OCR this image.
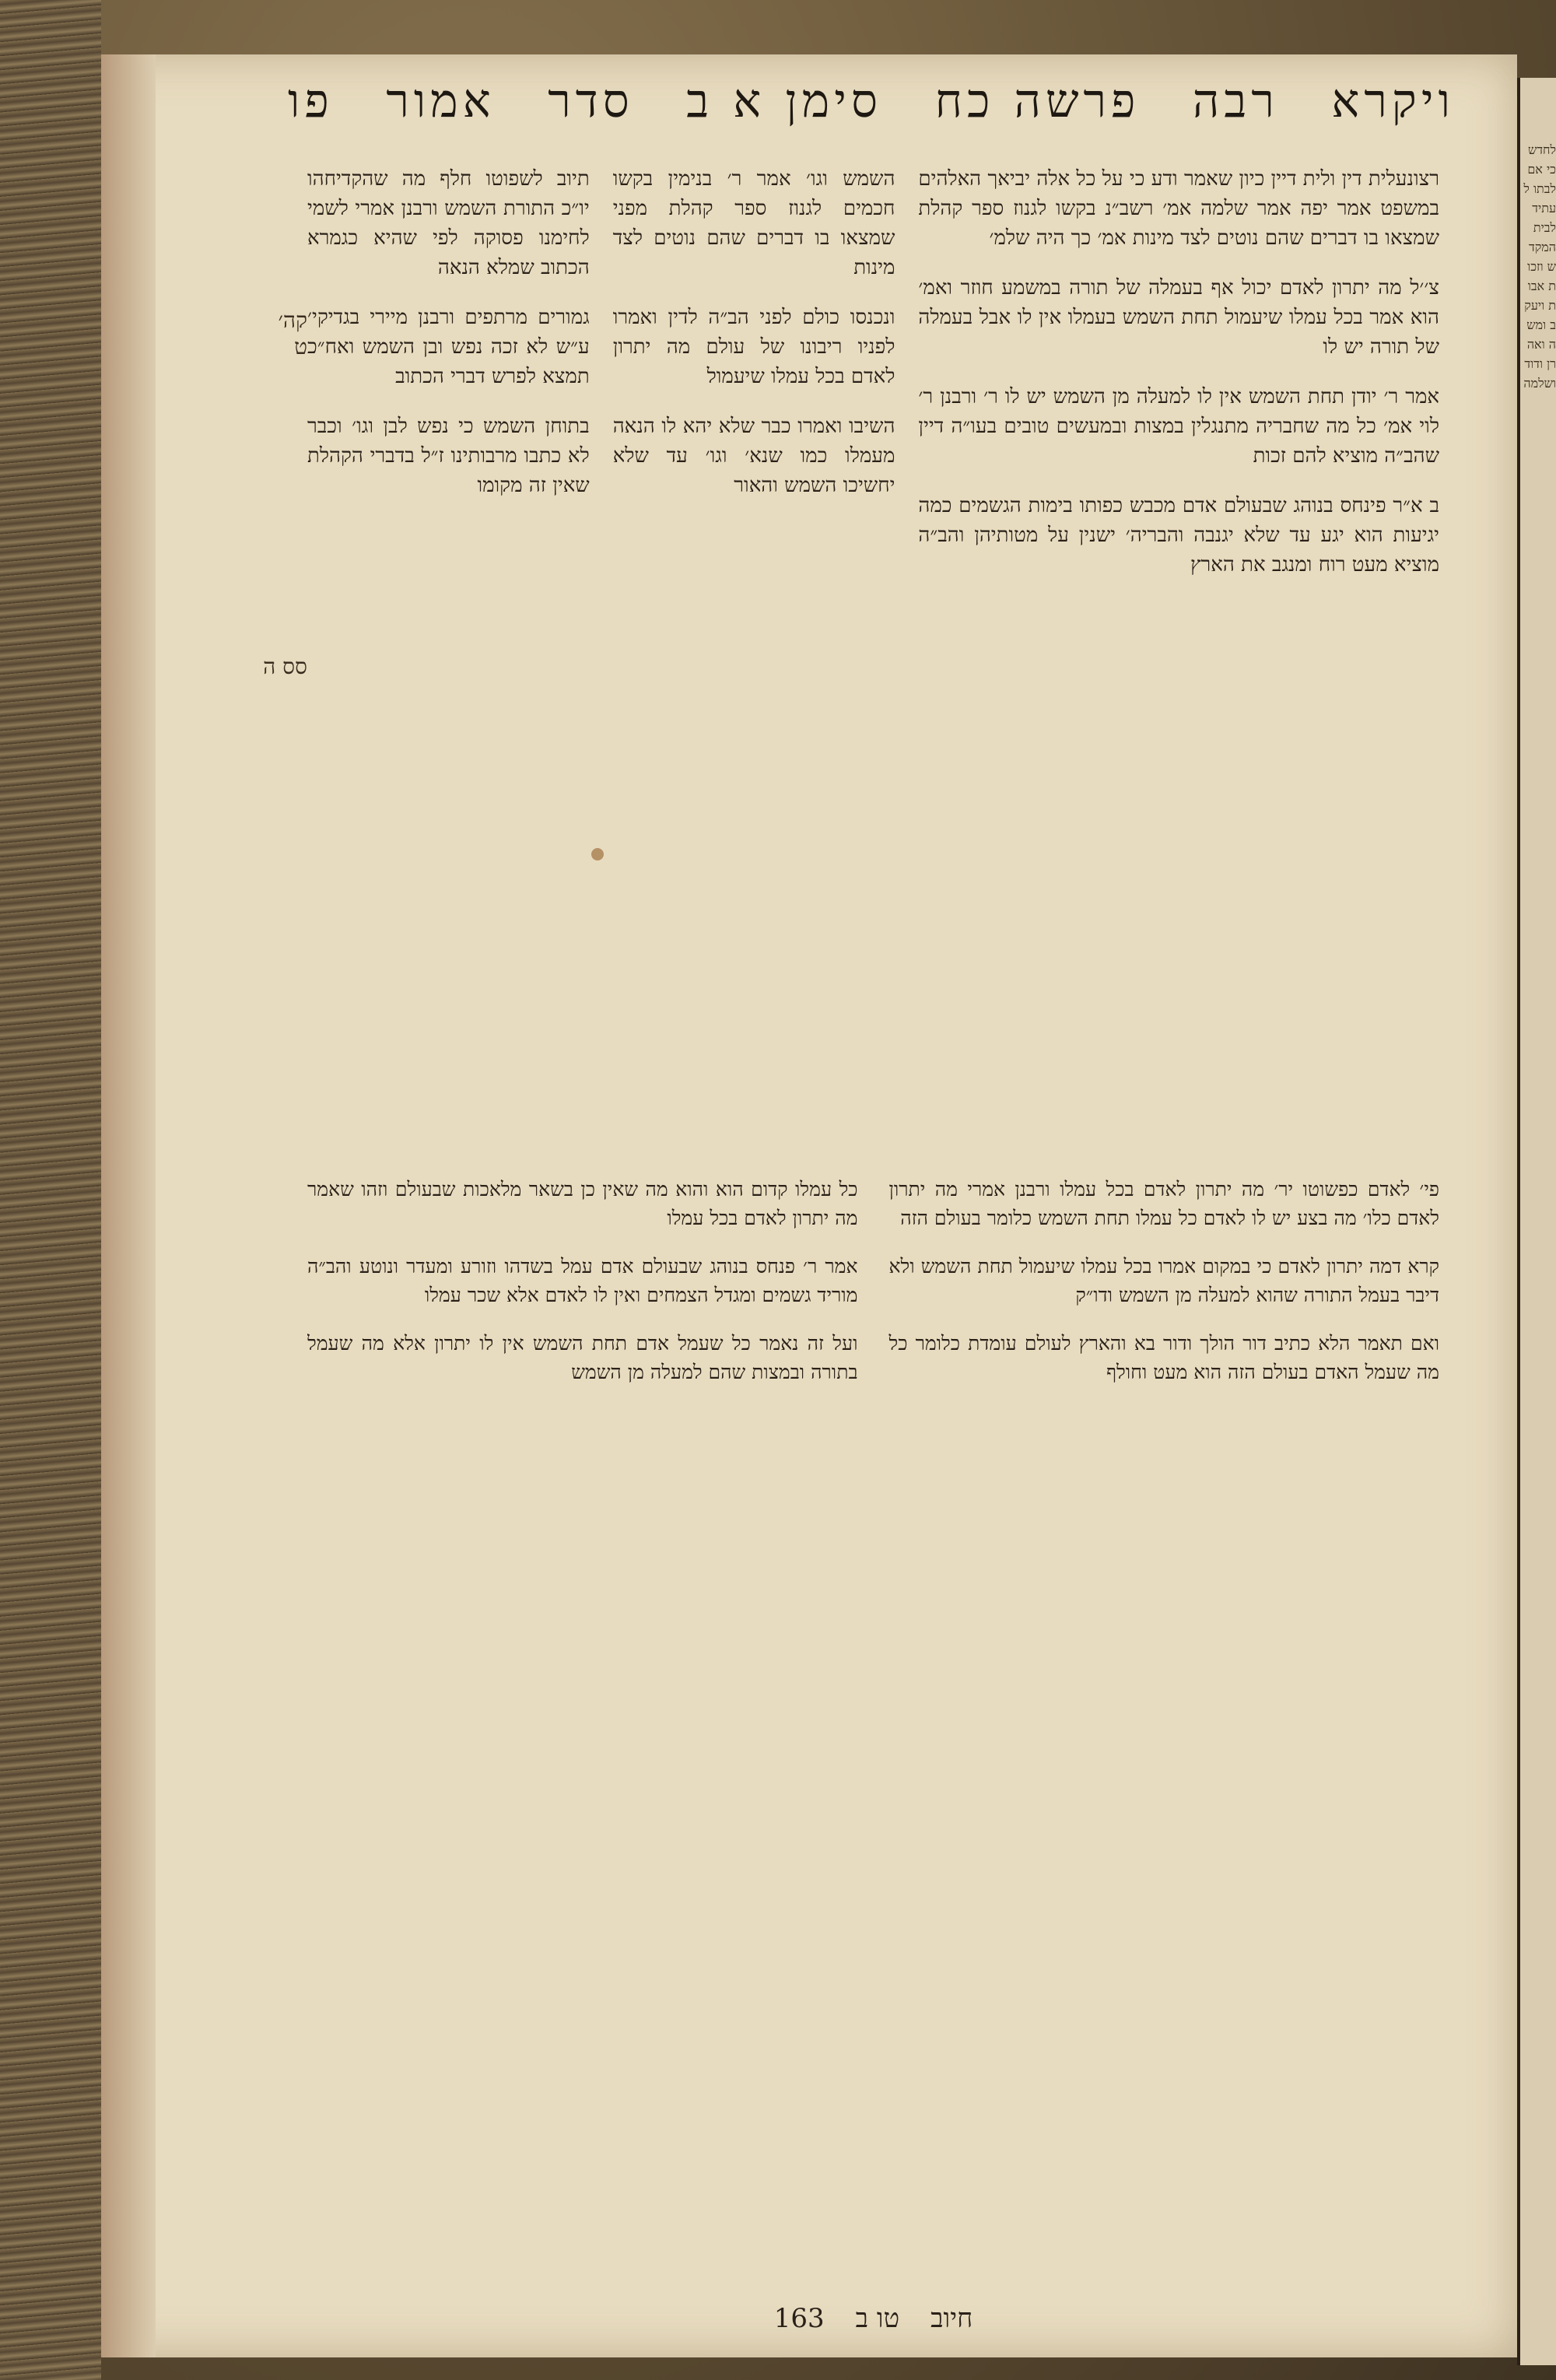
לחדש כי אם לבתו לעתיד לבית המקדש וזכות אבות ויעקב ומשה ואהרן ודוד ושלמה
ויקרא
רבה
פרשה כח
סימן א ב
סדר
אמור
פו

רצונעלית דין ולית דיין כיון שאמר ודע כי על כל אלה יביאך האלהים במשפט אמר יפה אמר שלמה אמ׳ רשב״נ בקשו לגנוז ספר קהלת שמצאו בו דברים שהם נוטים לצד מינות אמ׳ כך היה שלמ׳

צ׳׳ל מה יתרון לאדם יכול אף בעמלה של תורה במשמע חוזר ואמ׳ הוא אמר בכל עמלו שיעמול תחת השמש בעמלו אין לו אבל בעמלה של תורה יש לו

אמר ר׳ יודן תחת השמש אין לו למעלה מן השמש יש לו ר׳ ורבנן ר׳ לוי אמ׳ כל מה שחבריה מתנגלין במצות ובמעשים טובים בעו״ה דיין שהב״ה מוציא להם זכות

ב א״ר פינחס בנוהג שבעולם אדם מכבש כפותו בימות הגשמים כמה יגיעות הוא יגע עד שלא יגנבה והבריה׳ ישנין על מטותיהן והב״ה מוציא מעט רוח ומנגב את הארץ

השמש וגו׳ אמר ר׳ בנימין בקשו חכמים לגנוז ספר קהלת מפני שמצאו בו דברים שהם נוטים לצד מינות

ונכנסו כולם לפני הב״ה לדין ואמרו לפניו ריבונו של עולם מה יתרון לאדם בכל עמלו שיעמול

השיבו ואמרו כבר שלא יהא לו הנאה מעמלו כמו שנא׳ וגו׳ עד שלא יחשיכו השמש והאור

תיוב לשפוטו חלף מה שהקדיחהו יו״כ התורת השמש ורבנן אמרי לשמי לחימנו פסוקה לפי שהיא כגמרא הכתוב שמלא הנאה

גמורים מרתפים ורבנן מיירי בגדיקי׳ ע״ש לא זכה נפש ובן השמש ואח״כ תמצא לפרש דברי הכתוב

בתוחן השמש כי נפש לבן וגו׳ וכבר לא כתבו מרבותינו ז״ל בדברי הקהלת שאין זה מקומו

קה׳ ט
סס ה

פי׳ לאדם כפשוטו יר׳ מה יתרון לאדם בכל עמלו ורבנן אמרי מה יתרון לאדם כלו׳ מה בצע יש לו לאדם כל עמלו תחת השמש כלומר בעולם הזה

קרא דמה יתרון לאדם כי במקום אמרו בכל עמלו שיעמול תחת השמש ולא דיבר בעמל התורה שהוא למעלה מן השמש ודו״ק

ואם תאמר הלא כתיב דור הולך ודור בא והארץ לעולם עומדת כלומר כל מה שעמל האדם בעולם הזה הוא מעט וחולף

כל עמלו קדום הוא והוא מה שאין כן בשאר מלאכות שבעולם וזהו שאמר מה יתרון לאדם בכל עמלו

אמר ר׳ פנחס בנוהג שבעולם אדם עמל בשדהו וזורע ומעדר ונוטע והב״ה מוריד גשמים ומגדל הצמחים ואין לו לאדם אלא שכר עמלו

ועל זה נאמר כל שעמל אדם תחת השמש אין לו יתרון אלא מה שעמל בתורה ובמצות שהם למעלה מן השמש

חיוב
טו ב
163
